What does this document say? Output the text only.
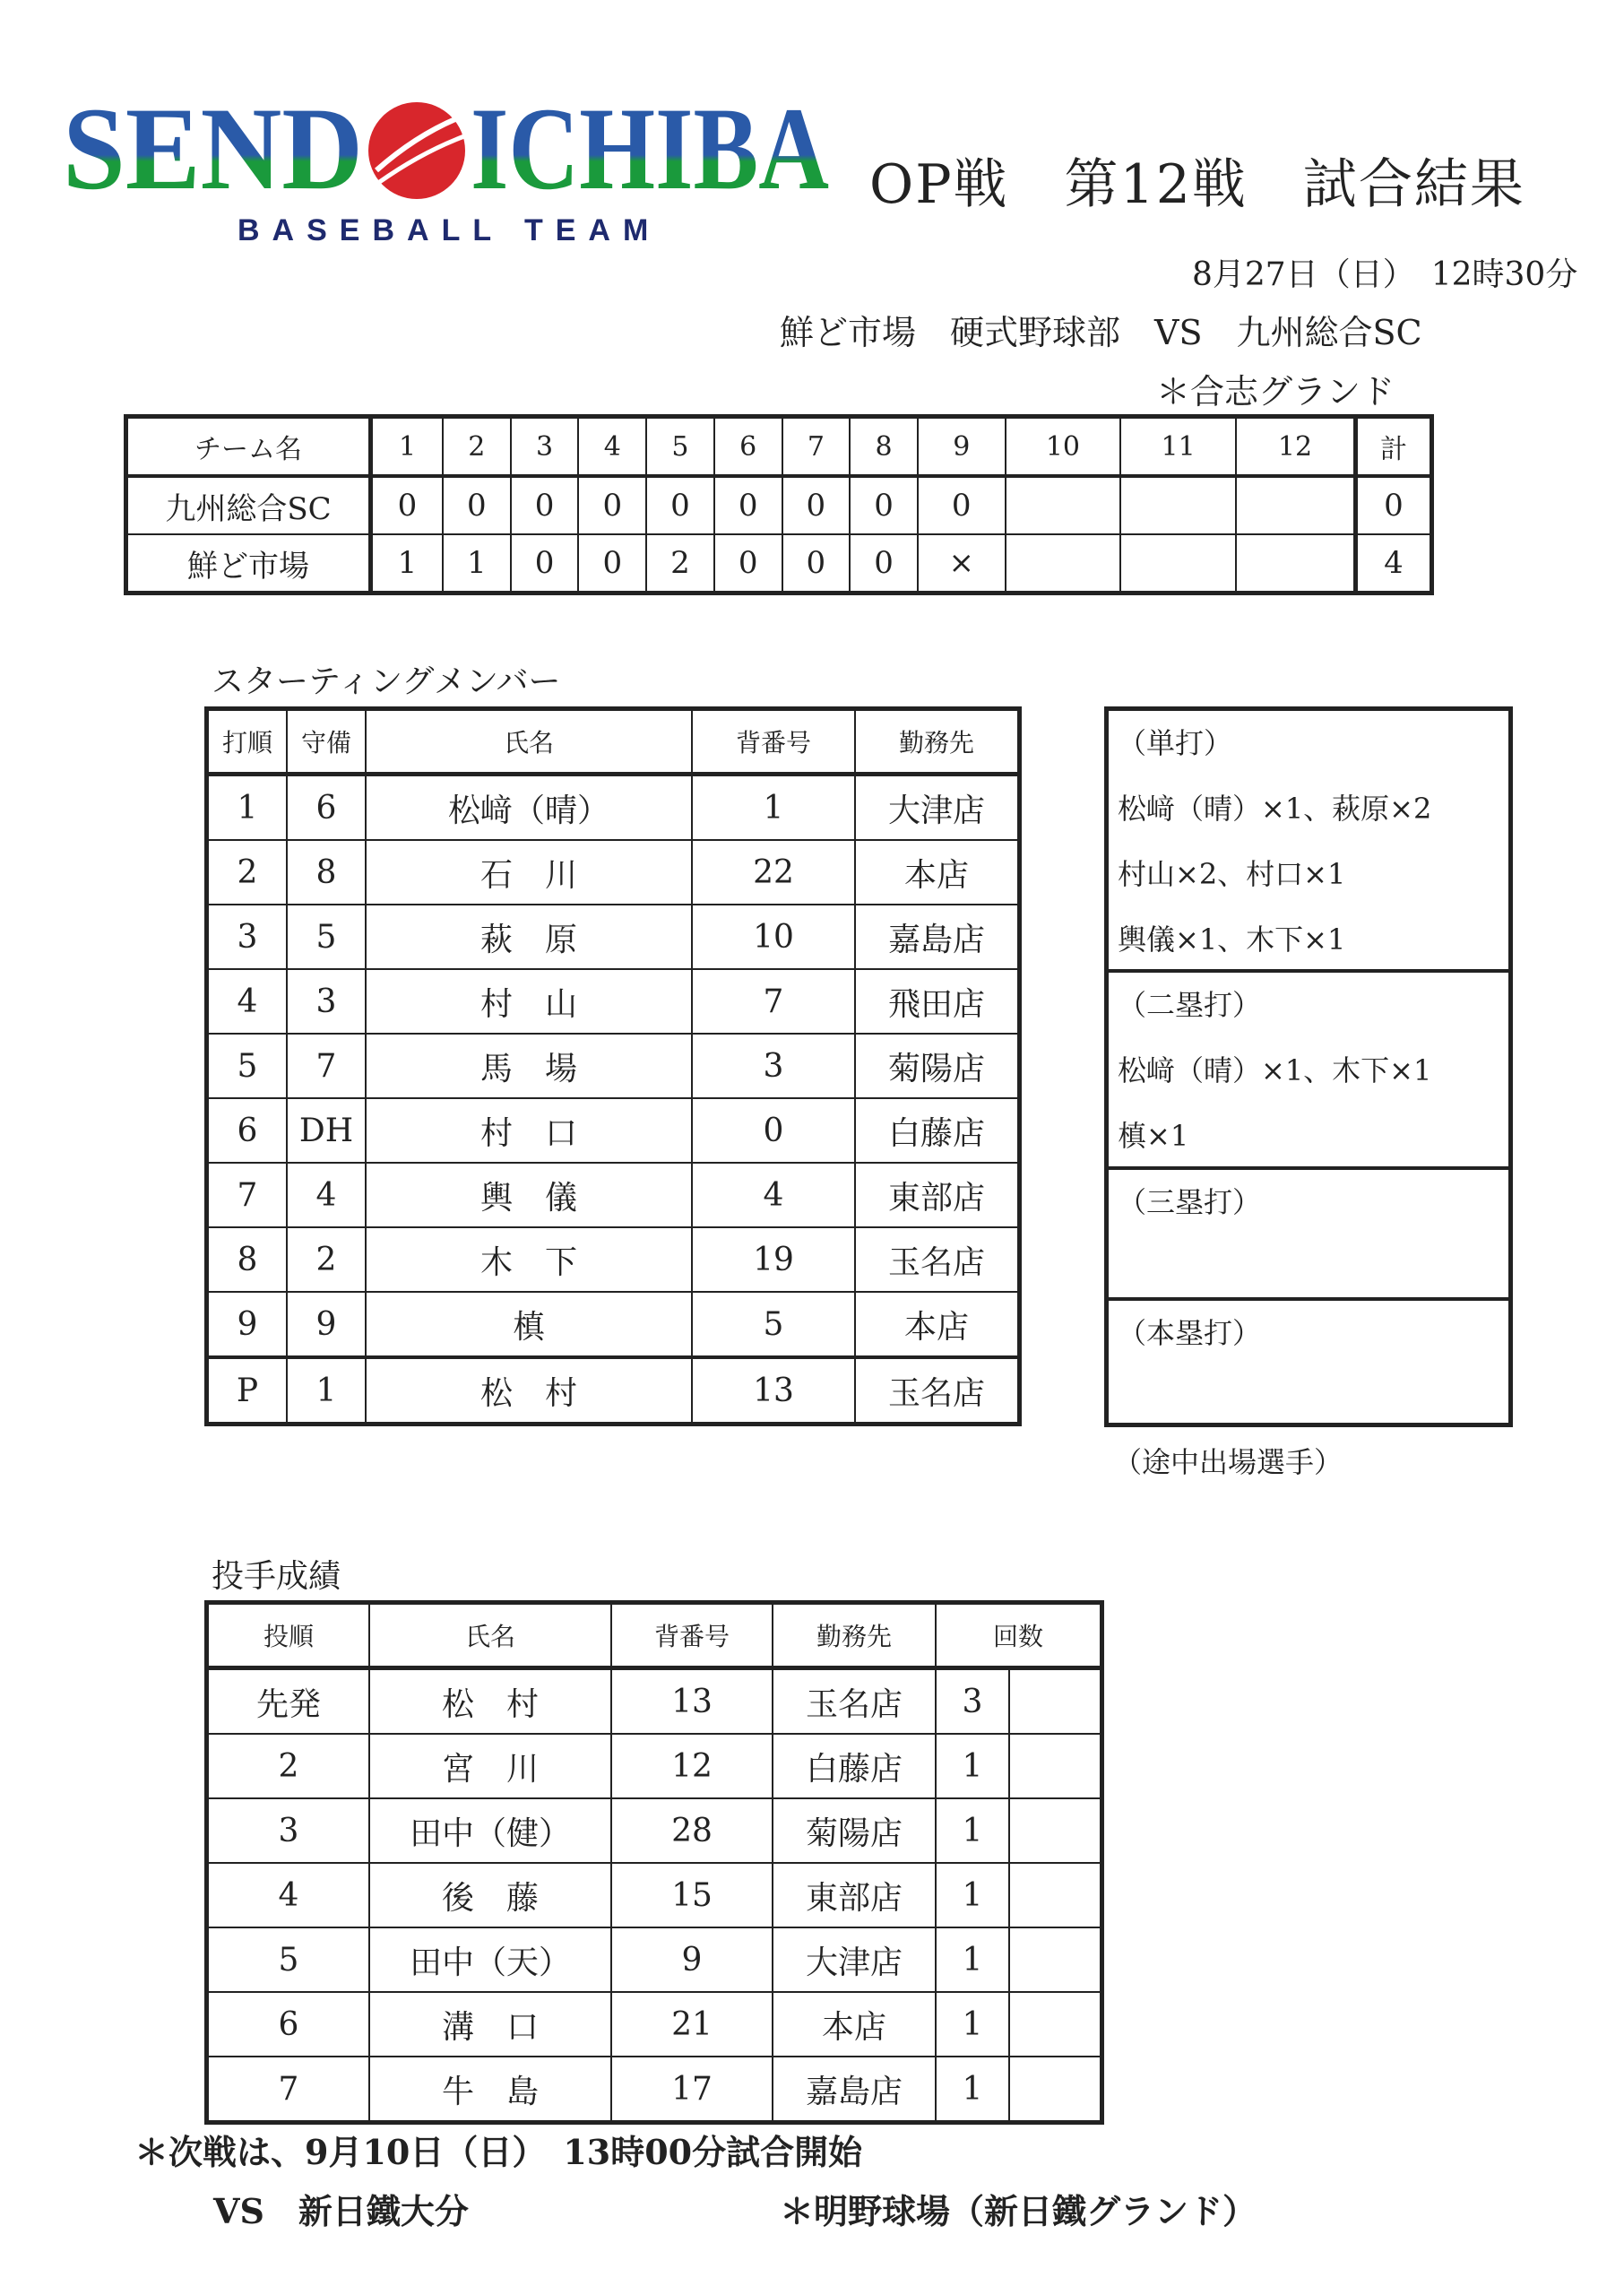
SEND ICHIBA
BASEBALL TEAM
OP戦　第12戦　試合結果
8月27日（日）　12時30分
鮮ど市場　硬式野球部　VS　九州総合SC
＊合志グランド
チーム名	1	2	3	4	5	6	7	8	9	10	11	12	計
九州総合SC	0	0	0	0	0	0	0	0	0				0
鮮ど市場	1	1	0	0	2	0	0	0	×				4
スターティングメンバー
打順	守備	氏名	背番号	勤務先
1	6	松﨑（晴）	1	大津店
2	8	石　川	22	本店
3	5	萩　原	10	嘉島店
4	3	村　山	7	飛田店
5	7	馬　場	3	菊陽店
6	DH	村　口	0	白藤店
7	4	輿　儀	4	東部店
8	2	木　下	19	玉名店
9	9	槙	5	本店
P	1	松　村	13	玉名店
（単打）
松﨑（晴）×1、萩原×2
村山×2、村口×1
輿儀×1、木下×1
（二塁打）
松﨑（晴）×1、木下×1
槙×1
（三塁打）
（本塁打）
（途中出場選手）
投手成績
投順	氏名	背番号	勤務先	回数	
先発	松　村	13	玉名店	3	
2	宮　川	12	白藤店	1	
3	田中（健）	28	菊陽店	1	
4	後　藤	15	東部店	1	
5	田中（天）	9	大津店	1	
6	溝　口	21	本店	1	
7	牛　島	17	嘉島店	1	
＊次戦は、9月10日（日）　13時00分試合開始
VS　新日鐵大分	＊明野球場（新日鐵グランド）
